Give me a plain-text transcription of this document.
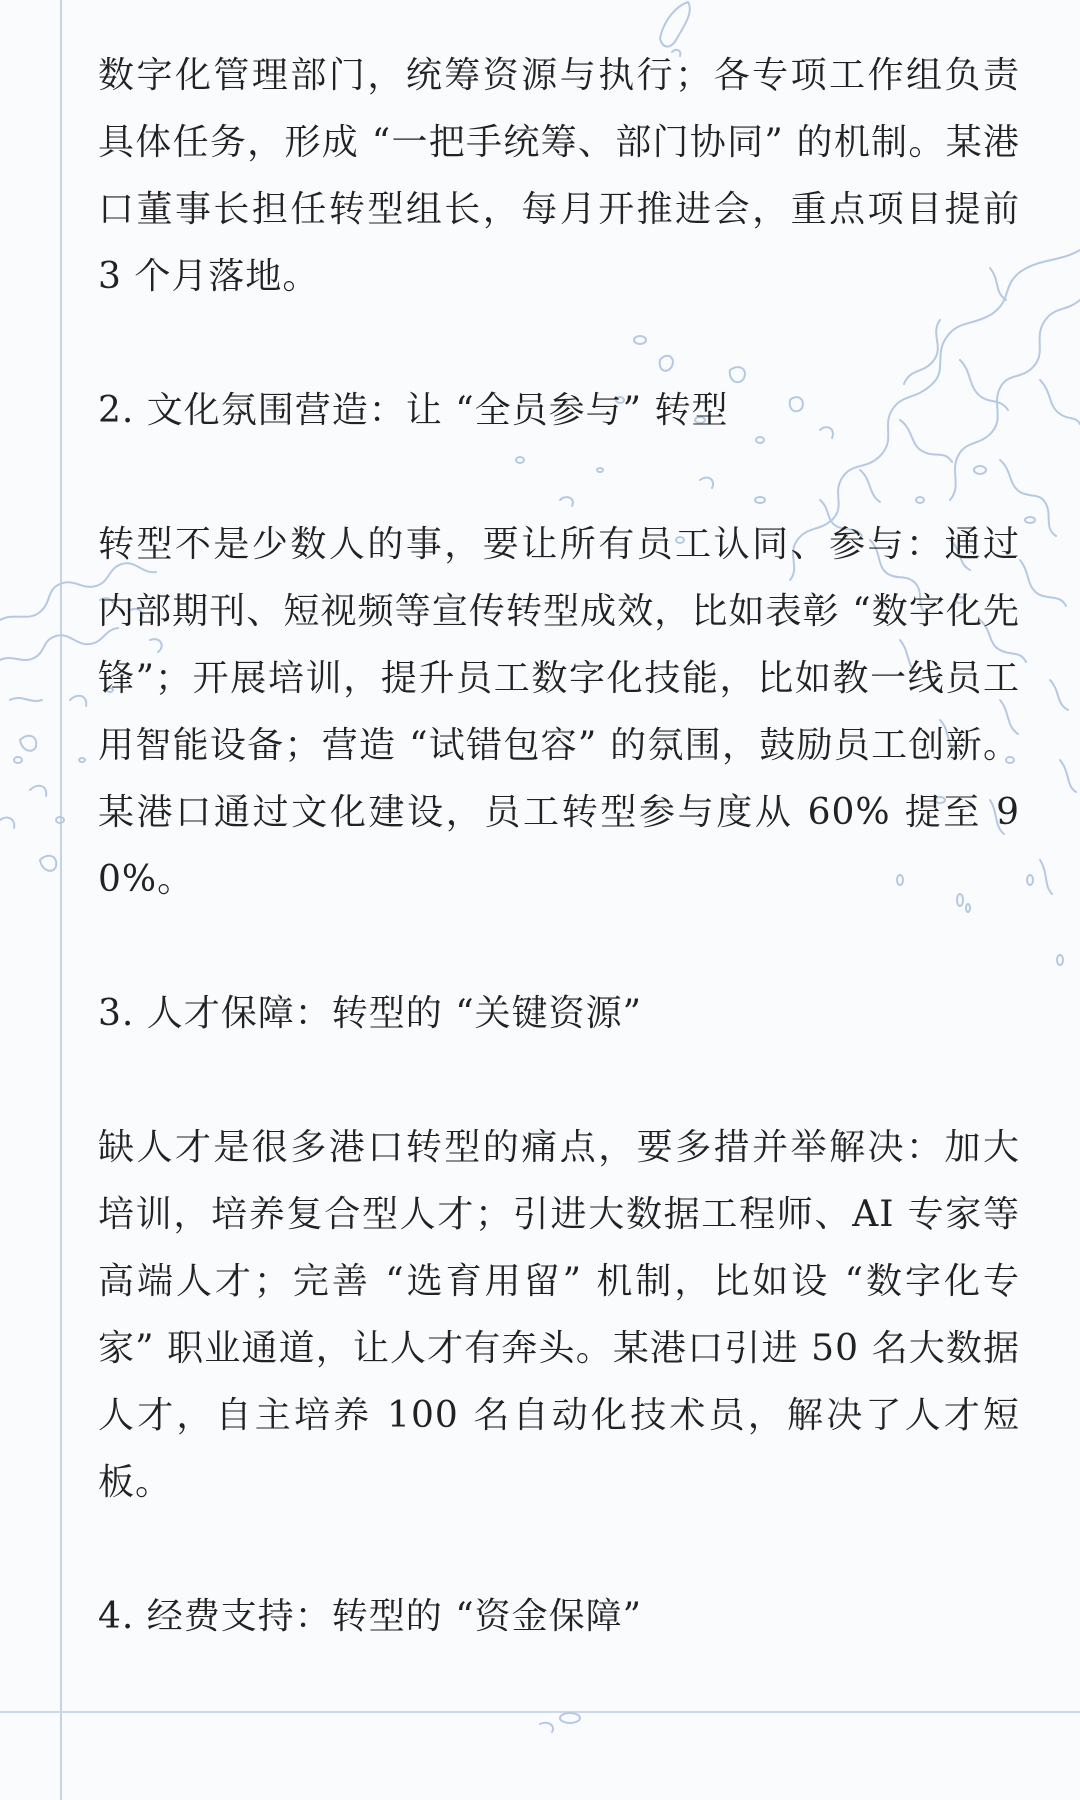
数字化管理部门，统筹资源与执行；各专项工作组负责具体任务，形成 “一把手统筹、部门协同” 的机制。某港口董事长担任转型组长，每月开推进会，重点项目提前 3 个月落地。

2. 文化氛围营造：让 “全员参与” 转型

转型不是少数人的事，要让所有员工认同、参与：通过内部期刊、短视频等宣传转型成效，比如表彰 “数字化先锋”；开展培训，提升员工数字化技能，比如教一线员工用智能设备；营造 “试错包容” 的氛围，鼓励员工创新。某港口通过文化建设，员工转型参与度从 60% 提至 90%。

3. 人才保障：转型的 “关键资源”

缺人才是很多港口转型的痛点，要多措并举解决：加大培训，培养复合型人才；引进大数据工程师、AI 专家等高端人才；完善 “选育用留” 机制，比如设 “数字化专家” 职业通道，让人才有奔头。某港口引进 50 名大数据人才，自主培养 100 名自动化技术员，解决了人才短板。

4. 经费支持：转型的 “资金保障”
